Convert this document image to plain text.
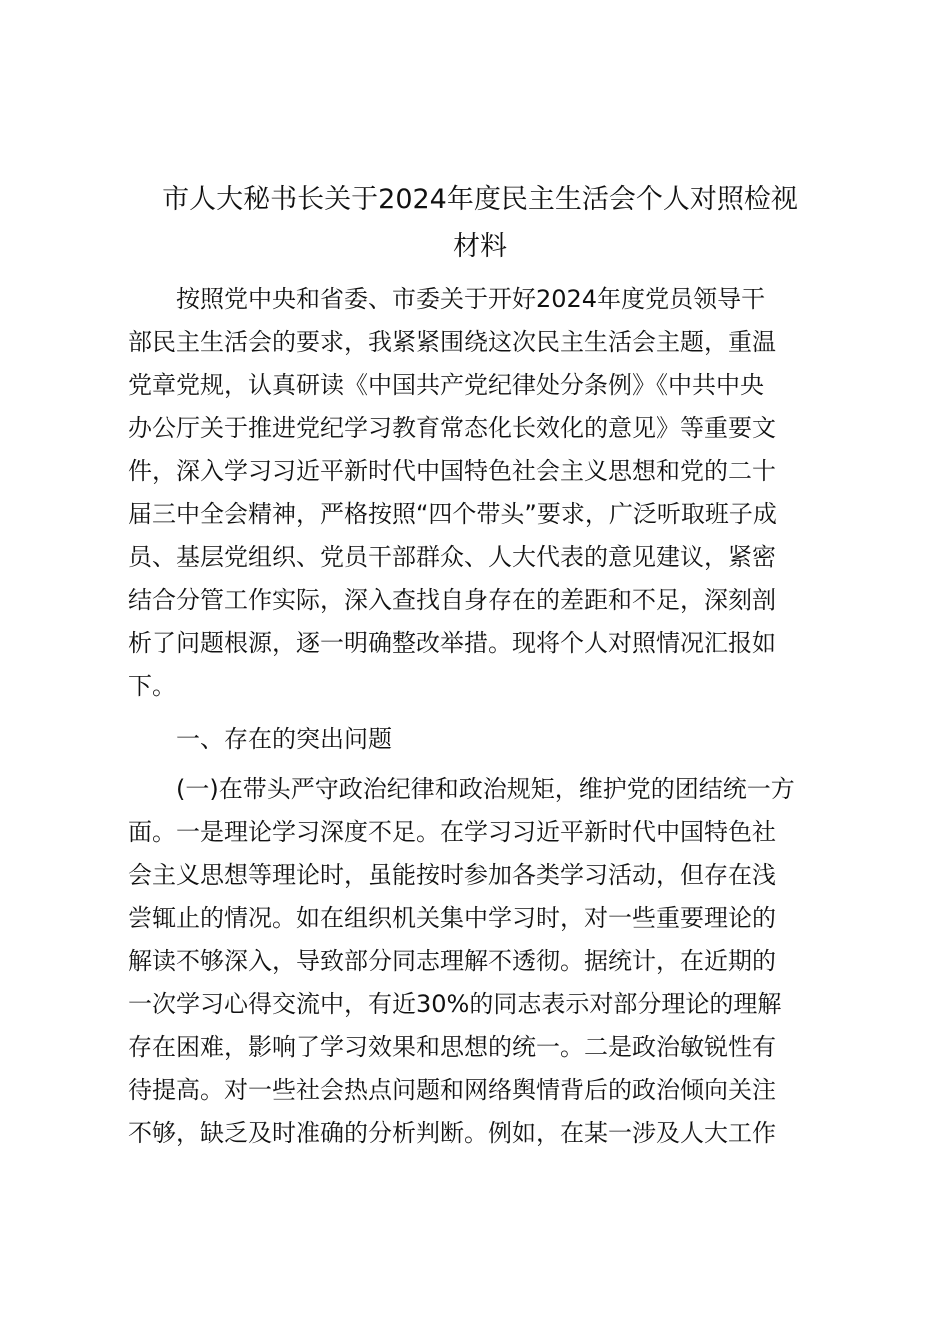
市人大秘书长关于2024年度民主生活会个人对照检视
材料
　　按照党中央和省委、市委关于开好2024年度党员领导干
部民主生活会的要求，我紧紧围绕这次民主生活会主题，重温
党章党规，认真研读《中国共产党纪律处分条例》《中共中央
办公厅关于推进党纪学习教育常态化长效化的意见》等重要文
件，深入学习习近平新时代中国特色社会主义思想和党的二十
届三中全会精神，严格按照“四个带头”要求，广泛听取班子成
员、基层党组织、党员干部群众、人大代表的意见建议，紧密
结合分管工作实际，深入查找自身存在的差距和不足，深刻剖
析了问题根源，逐一明确整改举措。现将个人对照情况汇报如
下。
　　一、存在的突出问题
　　(一)在带头严守政治纪律和政治规矩，维护党的团结统一方
面。一是理论学习深度不足。在学习习近平新时代中国特色社
会主义思想等理论时，虽能按时参加各类学习活动，但存在浅
尝辄止的情况。如在组织机关集中学习时，对一些重要理论的
解读不够深入，导致部分同志理解不透彻。据统计，在近期的
一次学习心得交流中，有近30%的同志表示对部分理论的理解
存在困难，影响了学习效果和思想的统一。二是政治敏锐性有
待提高。对一些社会热点问题和网络舆情背后的政治倾向关注
不够，缺乏及时准确的分析判断。例如，在某一涉及人大工作
